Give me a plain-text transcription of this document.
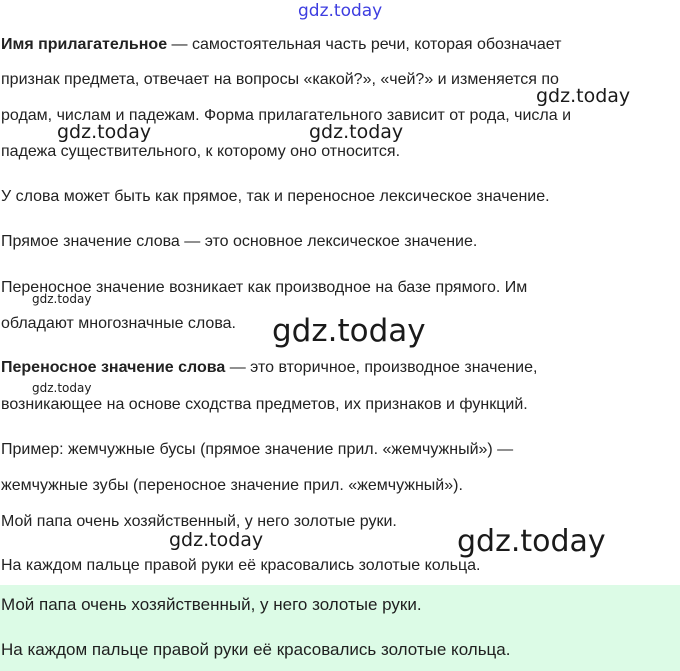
Имя прилагательное — самостоятельная часть речи, которая обозначает
признак предмета, отвечает на вопросы «какой?», «чей?» и изменяется по
родам, числам и падежам. Форма прилагательного зависит от рода, числа и
падежа существительного, к которому оно относится.
У слова может быть как прямое, так и переносное лексическое значение.
Прямое значение слова — это основное лексическое значение.
Переносное значение возникает как производное на базе прямого. Им
обладают многозначные слова.
Переносное значение слова — это вторичное, производное значение,
возникающее на основе сходства предметов, их признаков и функций.
Пример: жемчужные бусы (прямое значение прил. «жемчужный») —
жемчужные зубы (переносное значение прил. «жемчужный»).
Мой папа очень хозяйственный, у него золотые руки.
На каждом пальце правой руки её красовались золотые кольца.
Мой папа очень хозяйственный, у него золотые руки.
На каждом пальце правой руки её красовались золотые кольца.
gdz.today
gdz.today
gdz.today	gdz.today
gdz.today
gdz.today
gdz.today
gdz.today	gdz.today
